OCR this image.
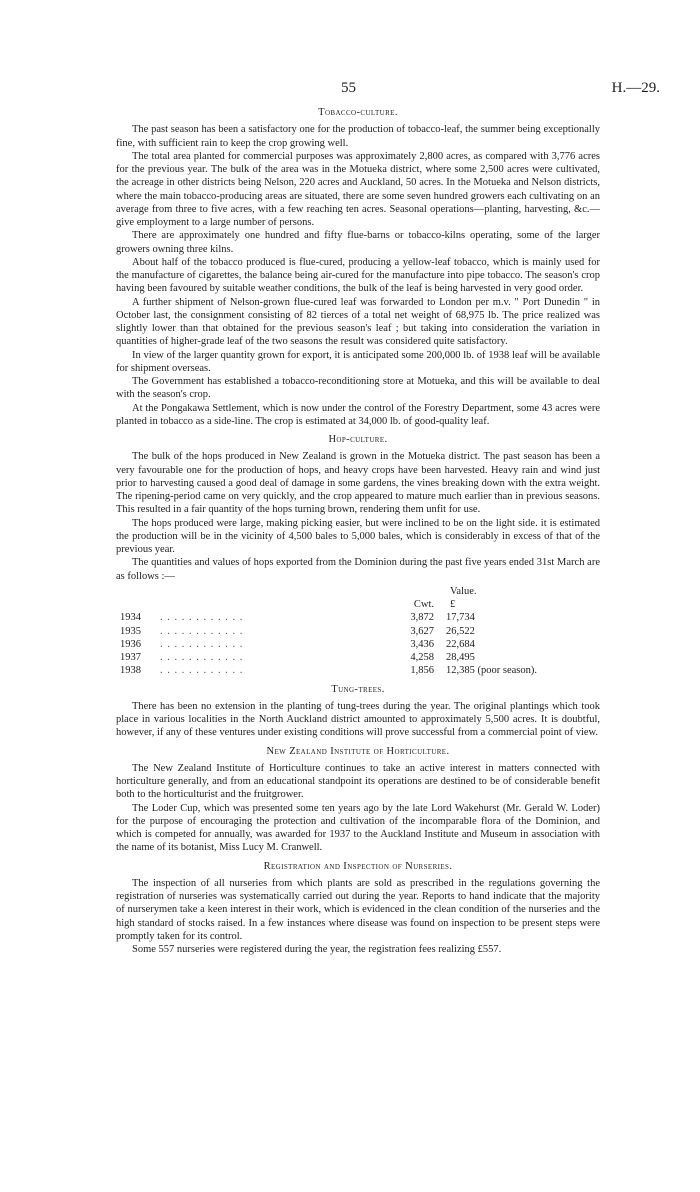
55	H.—29.
Tobacco-culture.

The past season has been a satisfactory one for the production of tobacco-leaf, the summer being exceptionally fine, with sufficient rain to keep the crop growing well.

The total area planted for commercial purposes was approximately 2,800 acres, as compared with 3,776 acres for the previous year. The bulk of the area was in the Motueka district, where some 2,500 acres were cultivated, the acreage in other districts being Nelson, 220 acres and Auckland, 50 acres. In the Motueka and Nelson districts, where the main tobacco-producing areas are situated, there are some seven hundred growers each cultivating on an average from three to five acres, with a few reaching ten acres. Seasonal operations—planting, harvesting, &c.—give employment to a large number of persons.

There are approximately one hundred and fifty flue-barns or tobacco-kilns operating, some of the larger growers owning three kilns.

About half of the tobacco produced is flue-cured, producing a yellow-leaf tobacco, which is mainly used for the manufacture of cigarettes, the balance being air-cured for the manufacture into pipe tobacco. The season's crop having been favoured by suitable weather conditions, the bulk of the leaf is being harvested in very good order.

A further shipment of Nelson-grown flue-cured leaf was forwarded to London per m.v. " Port Dunedin " in October last, the consignment consisting of 82 tierces of a total net weight of 68,975 lb. The price realized was slightly lower than that obtained for the previous season's leaf ; but taking into consideration the variation in quantities of higher-grade leaf of the two seasons the result was considered quite satisfactory.

In view of the larger quantity grown for export, it is anticipated some 200,000 lb. of 1938 leaf will be available for shipment overseas.

The Government has established a tobacco-reconditioning store at Motueka, and this will be available to deal with the season's crop.

At the Pongakawa Settlement, which is now under the control of the Forestry Department, some 43 acres were planted in tobacco as a side-line. The crop is estimated at 34,000 lb. of good-quality leaf.

Hop-culture.

The bulk of the hops produced in New Zealand is grown in the Motueka district. The past season has been a very favourable one for the production of hops, and heavy crops have been harvested. Heavy rain and wind just prior to harvesting caused a good deal of damage in some gardens, the vines breaking down with the extra weight. The ripening-period came on very quickly, and the crop appeared to mature much earlier than in previous seasons. This resulted in a fair quantity of the hops turning brown, rendering them unfit for use.

The hops produced were large, making picking easier, but were inclined to be on the light side. it is estimated the production will be in the vicinity of 4,500 bales to 5,000 bales, which is considerably in excess of that of the previous year.

The quantities and values of hops exported from the Dominion during the past five years ended 31st March are as follows :—

			Value.
		Cwt.	£
1934	. . . . . . . . . . . .	3,872	17,734
1935	. . . . . . . . . . . .	3,627	26,522
1936	. . . . . . . . . . . .	3,436	22,684
1937	. . . . . . . . . . . .	4,258	28,495
1938	. . . . . . . . . . . .	1,856	12,385 (poor season).
Tung-trees.

There has been no extension in the planting of tung-trees during the year. The original plantings which took place in various localities in the North Auckland district amounted to approximately 5,500 acres. It is doubtful, however, if any of these ventures under existing conditions will prove successful from a commercial point of view.

New Zealand Institute of Horticulture.

The New Zealand Institute of Horticulture continues to take an active interest in matters connected with horticulture generally, and from an educational standpoint its operations are destined to be of considerable benefit both to the horticulturist and the fruitgrower.

The Loder Cup, which was presented some ten years ago by the late Lord Wakehurst (Mr. Gerald W. Loder) for the purpose of encouraging the protection and cultivation of the incomparable flora of the Dominion, and which is competed for annually, was awarded for 1937 to the Auckland Institute and Museum in association with the name of its botanist, Miss Lucy M. Cranwell.

Registration and Inspection of Nurseries.

The inspection of all nurseries from which plants are sold as prescribed in the regulations governing the registration of nurseries was systematically carried out during the year. Reports to hand indicate that the majority of nurserymen take a keen interest in their work, which is evidenced in the clean condition of the nurseries and the high standard of stocks raised. In a few instances where disease was found on inspection to be present steps were promptly taken for its control.

Some 557 nurseries were registered during the year, the registration fees realizing £557.
